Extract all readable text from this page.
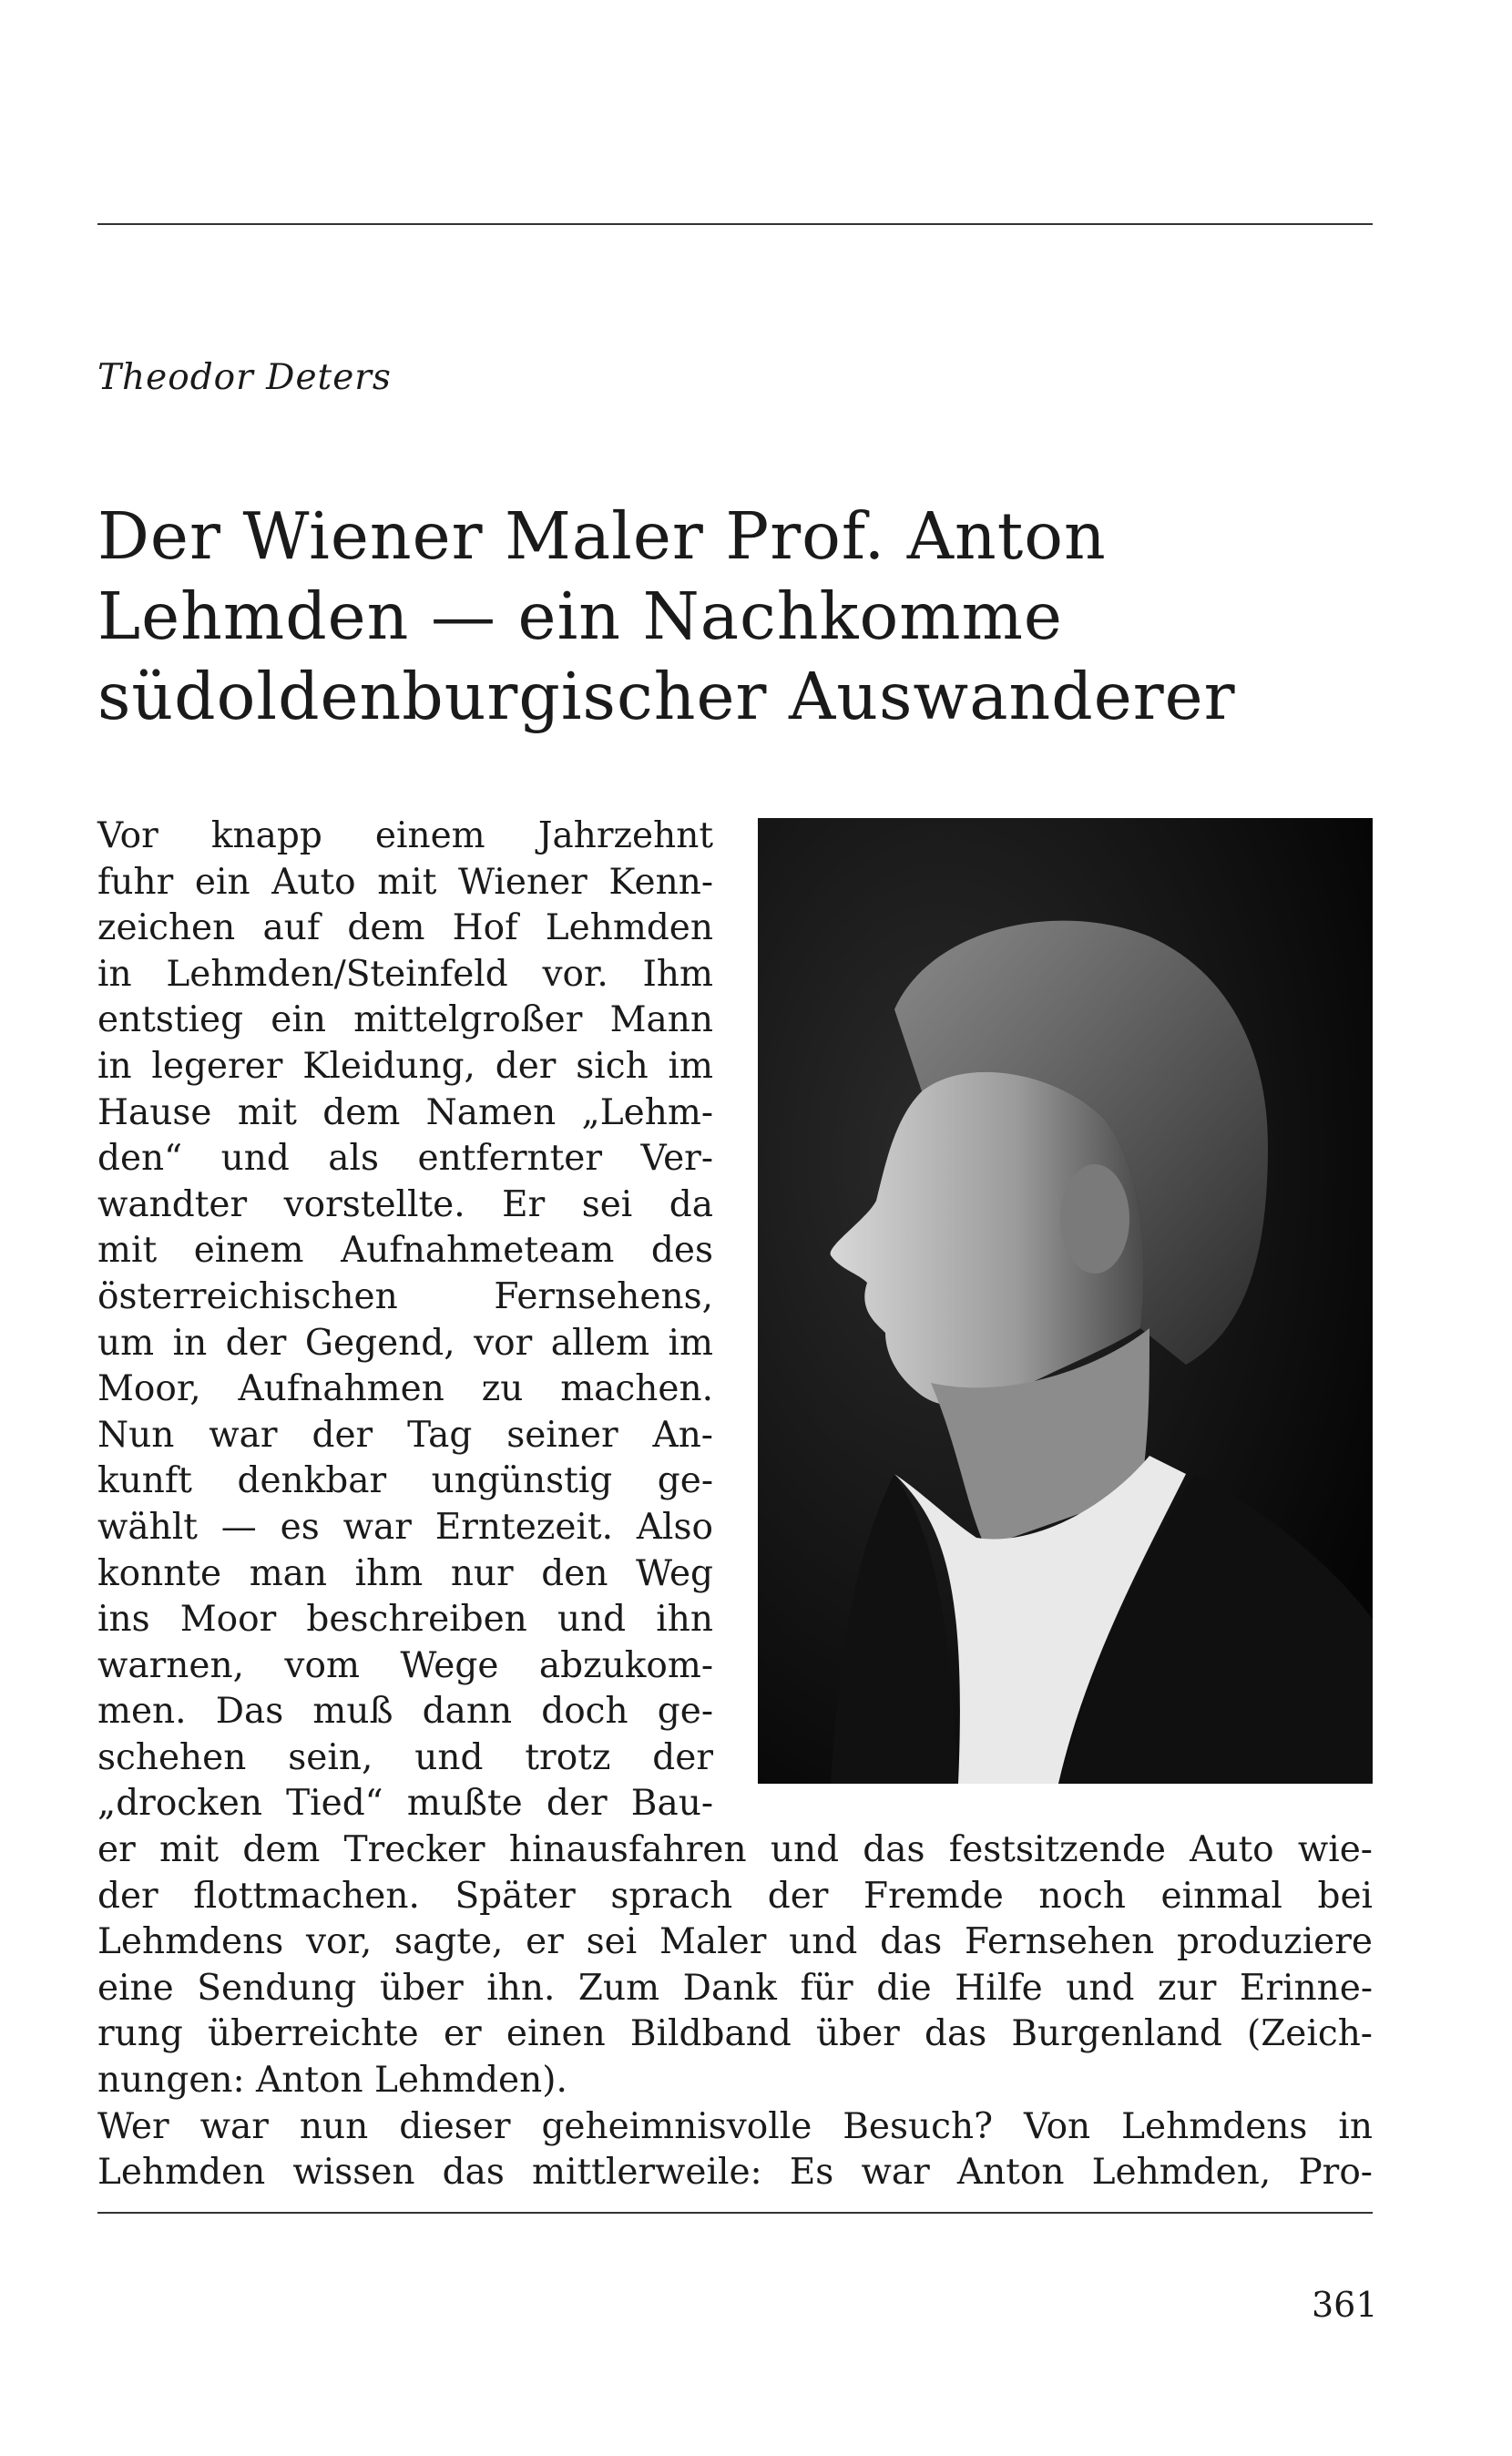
Theodor Deters
Der Wiener Maler Prof. Anton
Lehmden — ein Nachkomme
südoldenburgischer Auswanderer
Vor knapp einem Jahrzehnt
fuhr ein Auto mit Wiener Kenn-
zeichen auf dem Hof Lehmden
in Lehmden/Steinfeld vor. Ihm
entstieg ein mittelgroßer Mann
in legerer Kleidung, der sich im
Hause mit dem Namen „Lehm-
den“ und als entfernter Ver-
wandter vorstellte. Er sei da
mit einem Aufnahmeteam des
österreichischen Fernsehens,
um in der Gegend, vor allem im
Moor, Aufnahmen zu machen.
Nun war der Tag seiner An-
kunft denkbar ungünstig ge-
wählt — es war Erntezeit. Also
konnte man ihm nur den Weg
ins Moor beschreiben und ihn
warnen, vom Wege abzukom-
men. Das muß dann doch ge-
schehen sein, und trotz der
„drocken Tied“ mußte der Bau-
er mit dem Trecker hinausfahren und das festsitzende Auto wie-
der flottmachen. Später sprach der Fremde noch einmal bei
Lehmdens vor, sagte, er sei Maler und das Fernsehen produziere
eine Sendung über ihn. Zum Dank für die Hilfe und zur Erinne-
rung überreichte er einen Bildband über das Burgenland (Zeich-
nungen: Anton Lehmden).
Wer war nun dieser geheimnisvolle Besuch? Von Lehmdens in
Lehmden wissen das mittlerweile: Es war Anton Lehmden, Pro-
361
